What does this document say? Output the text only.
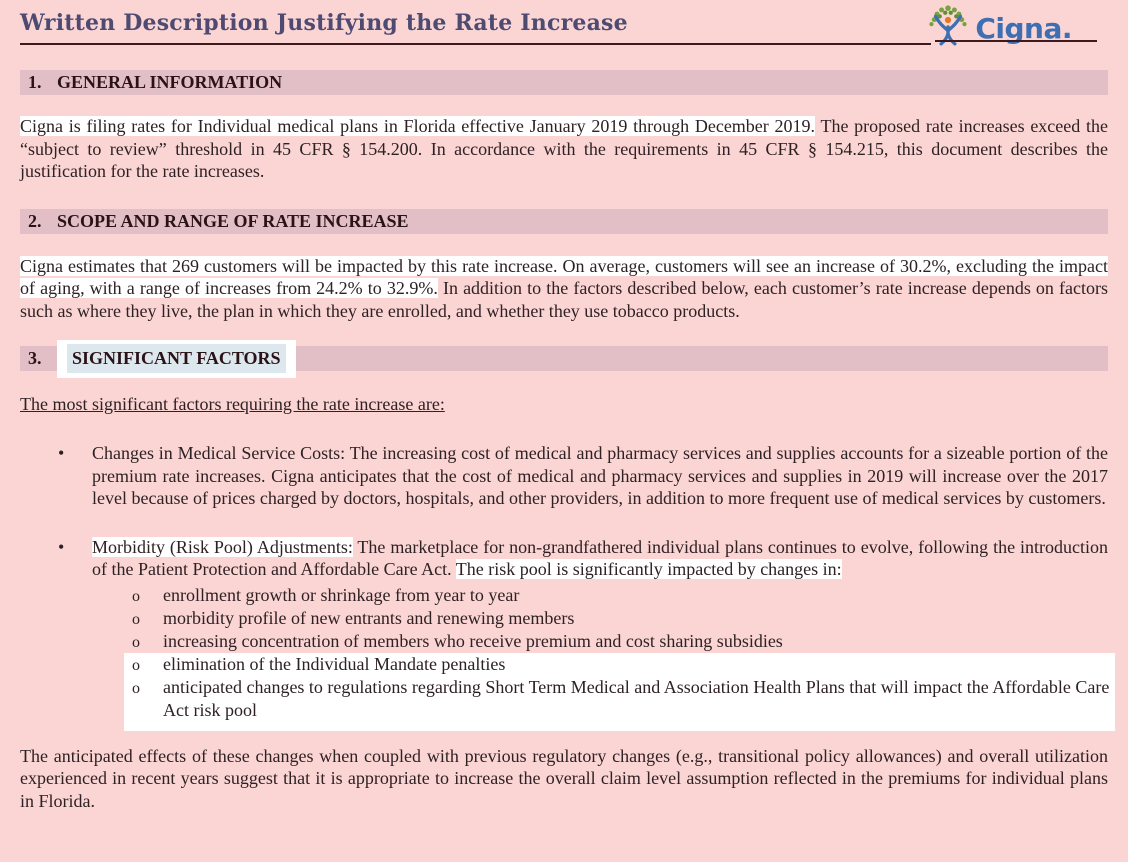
Written Description Justifying the Rate Increase	Cigna.
1. GENERAL INFORMATION

Cigna is filing rates for Individual medical plans in Florida effective January 2019 through December 2019. The proposed rate increases exceed the “subject to review” threshold in 45 CFR § 154.200. In accordance with the requirements in 45 CFR § 154.215, this document describes the justification for the rate increases.

2. SCOPE AND RANGE OF RATE INCREASE

Cigna estimates that 269 customers will be impacted by this rate increase. On average, customers will see an increase of 30.2%, excluding the impact of aging, with a range of increases from 24.2% to 32.9%. In addition to the factors described below, each customer’s rate increase depends on factors such as where they live, the plan in which they are enrolled, and whether they use tobacco products.

3.	SIGNIFICANT FACTORS
The most significant factors requiring the rate increase are:
• Changes in Medical Service Costs: The increasing cost of medical and pharmacy services and supplies accounts for a sizeable portion of the premium rate increases. Cigna anticipates that the cost of medical and pharmacy services and supplies in 2019 will increase over the 2017 level because of prices charged by doctors, hospitals, and other providers, in addition to more frequent use of medical services by customers.
• Morbidity (Risk Pool) Adjustments: The marketplace for non-grandfathered individual plans continues to evolve, following the introduction of the Patient Protection and Affordable Care Act. The risk pool is significantly impacted by changes in:
o enrollment growth or shrinkage from year to year
o morbidity profile of new entrants and renewing members
o increasing concentration of members who receive premium and cost sharing subsidies
o elimination of the Individual Mandate penalties
o anticipated changes to regulations regarding Short Term Medical and Association Health Plans that will impact the Affordable Care Act risk pool

The anticipated effects of these changes when coupled with previous regulatory changes (e.g., transitional policy allowances) and overall utilization experienced in recent years suggest that it is appropriate to increase the overall claim level assumption reflected in the premiums for individual plans in Florida.
